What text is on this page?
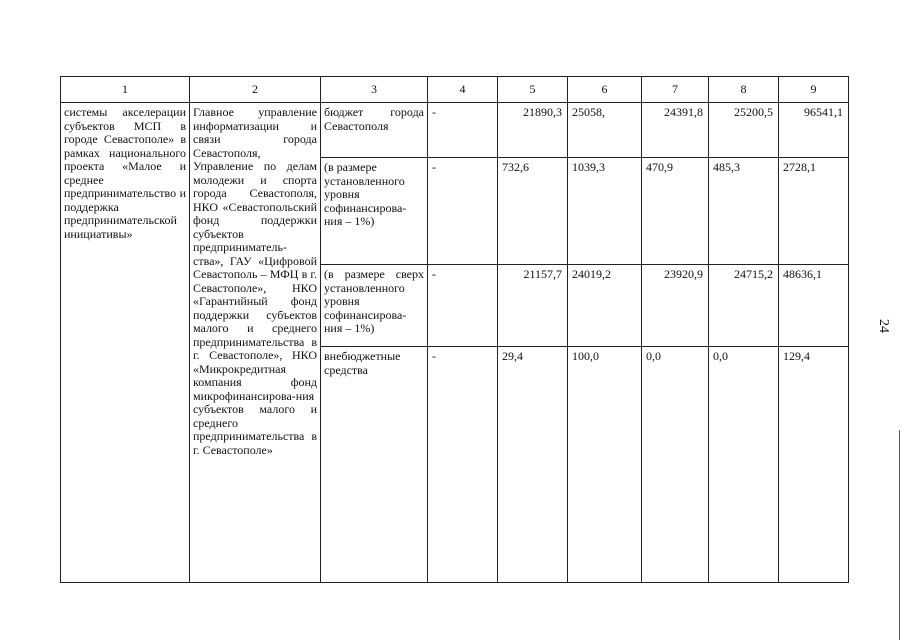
1	2	3	4	5	6	7	8	9
системы акселерации субъектов МСП в городе Севастополе» в рамках национального проекта «Малое и среднее предпринимательство и поддержка предпринимательской инициативы»	Главное управление информатизации и связи города Севастополя, Управление по делам молодежи и спорта города Севастополя, НКО «Севастопольский фонд поддержки субъектов предприниматель-ства», ГАУ «Цифровой Севастополь – МФЦ в г. Севастополе», НКО «Гарантийный фонд поддержки субъектов малого и среднего предпринимательства в г. Севастополе», НКО «Микрокредитная компания фонд микрофинансирова-ния субъектов малого и среднего предпринимательства в г. Севастополе»	бюджет города Севастополя	-	21890,3	25058,	24391,8	25200,5	96541,1
		(в размере установленного уровня софинансирова-ния – 1%)	-	732,6	1039,3	470,9	485,3	2728,1
		(в размере сверх установленного уровня софинансирова-ния – 1%)	-	21157,7	24019,2	23920,9	24715,2	48636,1
		внебюджетные средства	-	29,4	100,0	0,0	0,0	129,4
24
